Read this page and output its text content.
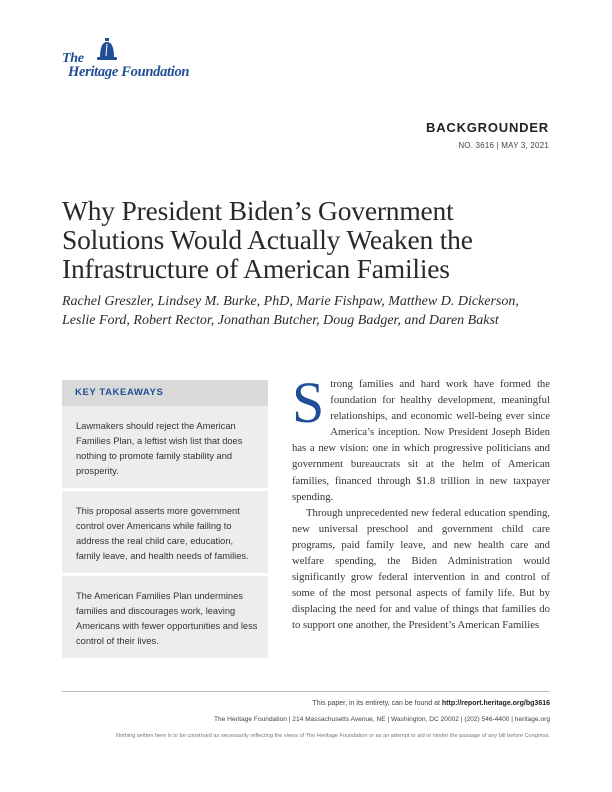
The
Heritage Foundation
BACKGROUNDER
NO. 3616 | MAY 3, 2021
Why President Biden’s Government Solutions Would Actually Weaken the Infrastructure of American Families
Rachel Greszler, Lindsey M. Burke, PhD, Marie Fishpaw, Matthew D. Dickerson, Leslie Ford, Robert Rector, Jonathan Butcher, Doug Badger, and Daren Bakst
KEY TAKEAWAYS

Lawmakers should reject the American Families Plan, a leftist wish list that does nothing to promote family stability and prosperity.

This proposal asserts more government control over Americans while failing to address the real child care, education, family leave, and health needs of families.

The American Families Plan undermines families and discourages work, leaving Americans with fewer opportunities and less control of their lives.

Strong families and hard work have formed the foundation for healthy development, meaningful relationships, and economic well-being ever since America’s inception. Now President Joseph Biden has a new vision: one in which progressive politicians and government bureaucrats sit at the helm of American families, financed through $1.8 trillion in new taxpayer spending.

Through unprecedented new federal education spending, new universal preschool and government child care programs, paid family leave, and new health care and welfare spending, the Biden Administration would significantly grow federal intervention in and control of some of the most personal aspects of family life. But by displacing the need for and value of things that families do to support one another, the President’s American Families

This paper, in its entirety, can be found at http://report.heritage.org/bg3616
The Heritage Foundation | 214 Massachusetts Avenue, NE | Washington, DC 20002 | (202) 546-4400 | heritage.org
Nothing written here is to be construed as necessarily reflecting the views of The Heritage Foundation or as an attempt to aid or hinder the passage of any bill before Congress.
